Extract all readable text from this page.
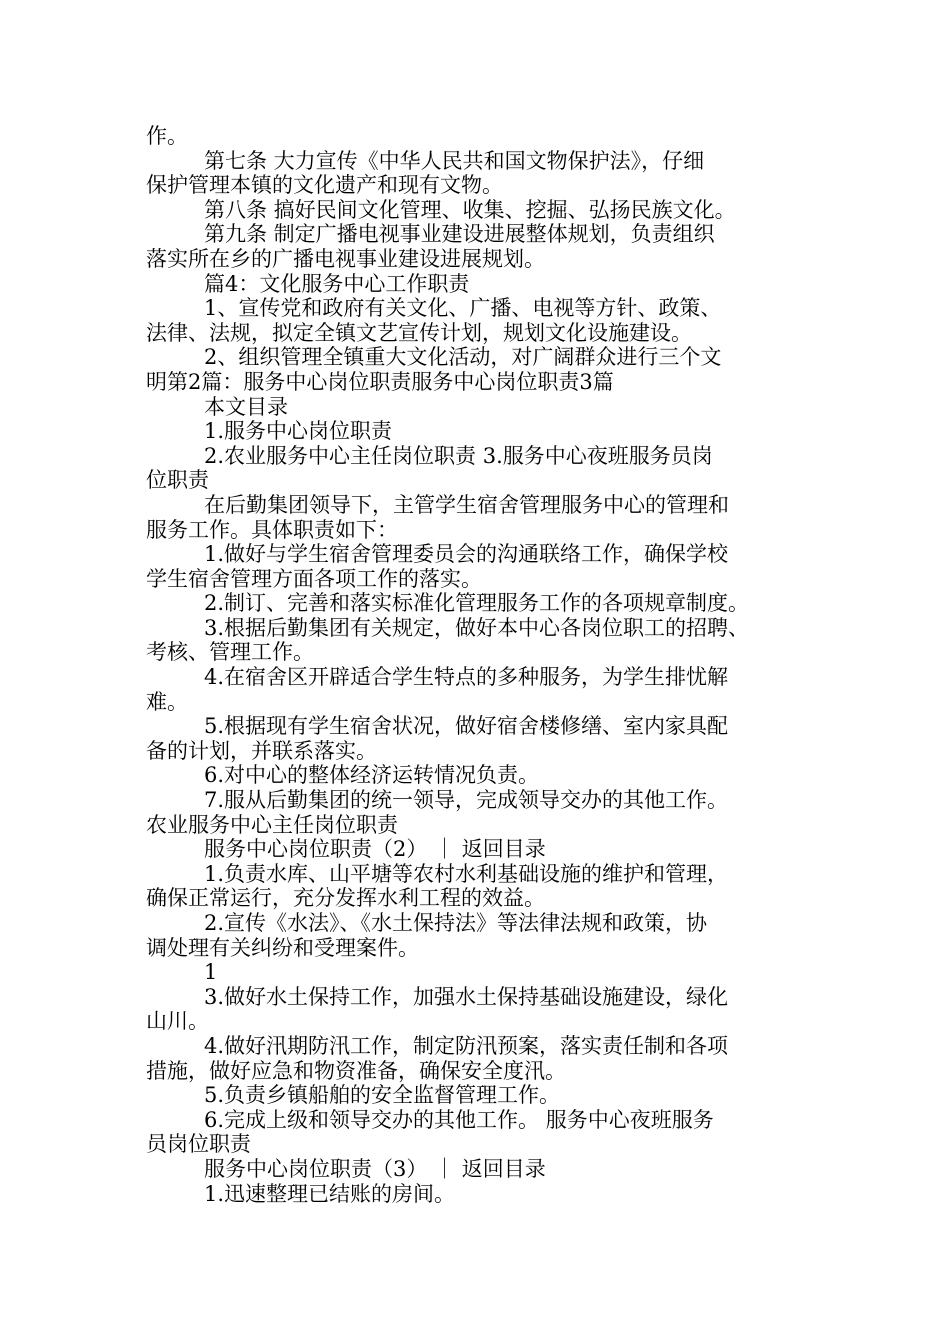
作。
第七条 大力宣传《中华人民共和国文物保护法》，仔细
保护管理本镇的文化遗产和现有文物。
第八条 搞好民间文化管理、收集、挖掘、弘扬民族文化。
第九条 制定广播电视事业建设进展整体规划，负责组织
落实所在乡的广播电视事业建设进展规划。
篇4：文化服务中心工作职责
1、宣传党和政府有关文化、广播、电视等方针、政策、
法律、法规，拟定全镇文艺宣传计划，规划文化设施建设。
2、组织管理全镇重大文化活动，对广阔群众进行三个文
明第2篇：服务中心岗位职责服务中心岗位职责3篇
本文目录
1.服务中心岗位职责
2.农业服务中心主任岗位职责 3.服务中心夜班服务员岗
位职责
在后勤集团领导下，主管学生宿舍管理服务中心的管理和
服务工作。具体职责如下：
1.做好与学生宿舍管理委员会的沟通联络工作，确保学校
学生宿舍管理方面各项工作的落实。
2.制订、完善和落实标准化管理服务工作的各项规章制度。
3.根据后勤集团有关规定，做好本中心各岗位职工的招聘、
考核、管理工作。
4.在宿舍区开辟适合学生特点的多种服务，为学生排忧解
难。
5.根据现有学生宿舍状况，做好宿舍楼修缮、室内家具配
备的计划，并联系落实。
6.对中心的整体经济运转情况负责。
7.服从后勤集团的统一领导，完成领导交办的其他工作。
农业服务中心主任岗位职责
服务中心岗位职责（2） ｜ 返回目录
1.负责水库、山平塘等农村水利基础设施的维护和管理，
确保正常运行，充分发挥水利工程的效益。
2.宣传《水法》、《水土保持法》等法律法规和政策，协
调处理有关纠纷和受理案件。
1
3.做好水土保持工作，加强水土保持基础设施建设，绿化
山川。
4.做好汛期防汛工作，制定防汛预案，落实责任制和各项
措施，做好应急和物资准备，确保安全度汛。
5.负责乡镇船舶的安全监督管理工作。
6.完成上级和领导交办的其他工作。 服务中心夜班服务
员岗位职责
服务中心岗位职责（3） ｜ 返回目录
1.迅速整理已结账的房间。
